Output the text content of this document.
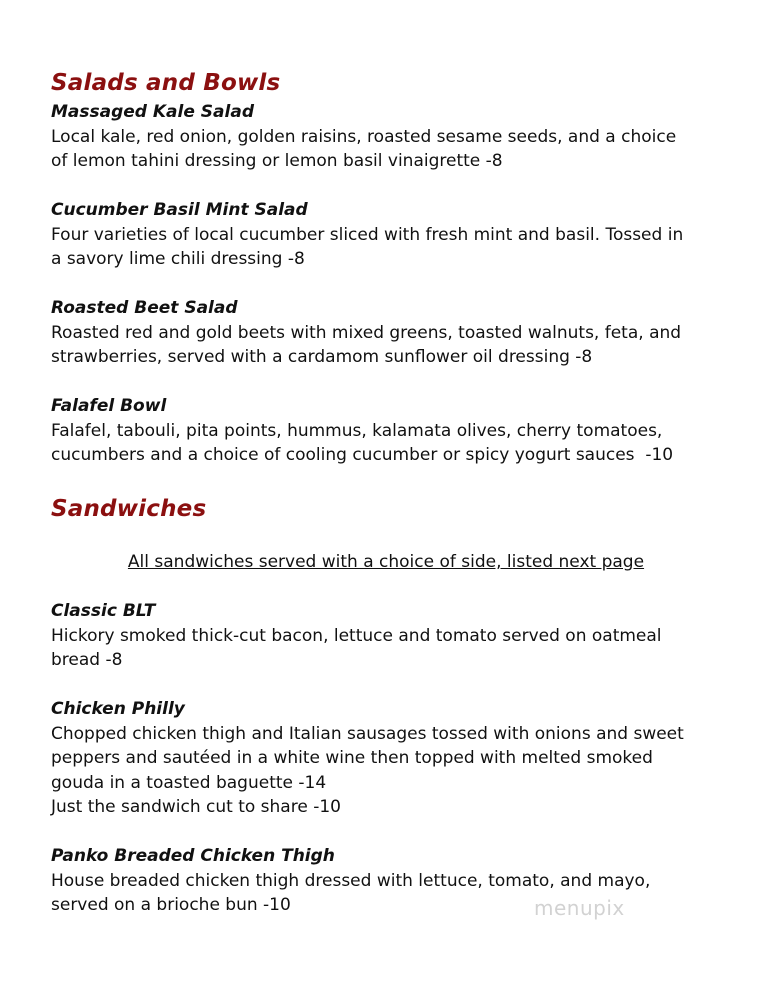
Salads and Bowls

Massaged Kale Salad

Local kale, red onion, golden raisins, roasted sesame seeds, and a choice

of lemon tahini dressing or lemon basil vinaigrette -8

Cucumber Basil Mint Salad

Four varieties of local cucumber sliced with fresh mint and basil. Tossed in

a savory lime chili dressing -8

Roasted Beet Salad

Roasted red and gold beets with mixed greens, toasted walnuts, feta, and

strawberries, served with a cardamom sunflower oil dressing -8

Falafel Bowl

Falafel, tabouli, pita points, hummus, kalamata olives, cherry tomatoes,

cucumbers and a choice of cooling cucumber or spicy yogurt sauces  -10

Sandwiches

All sandwiches served with a choice of side, listed next page

Classic BLT

Hickory smoked thick-cut bacon, lettuce and tomato served on oatmeal

bread -8

Chicken Philly

Chopped chicken thigh and Italian sausages tossed with onions and sweet

peppers and sautéed in a white wine then topped with melted smoked

gouda in a toasted baguette -14

Just the sandwich cut to share -10

Panko Breaded Chicken Thigh

House breaded chicken thigh dressed with lettuce, tomato, and mayo,

served on a brioche bun -10	menupix
